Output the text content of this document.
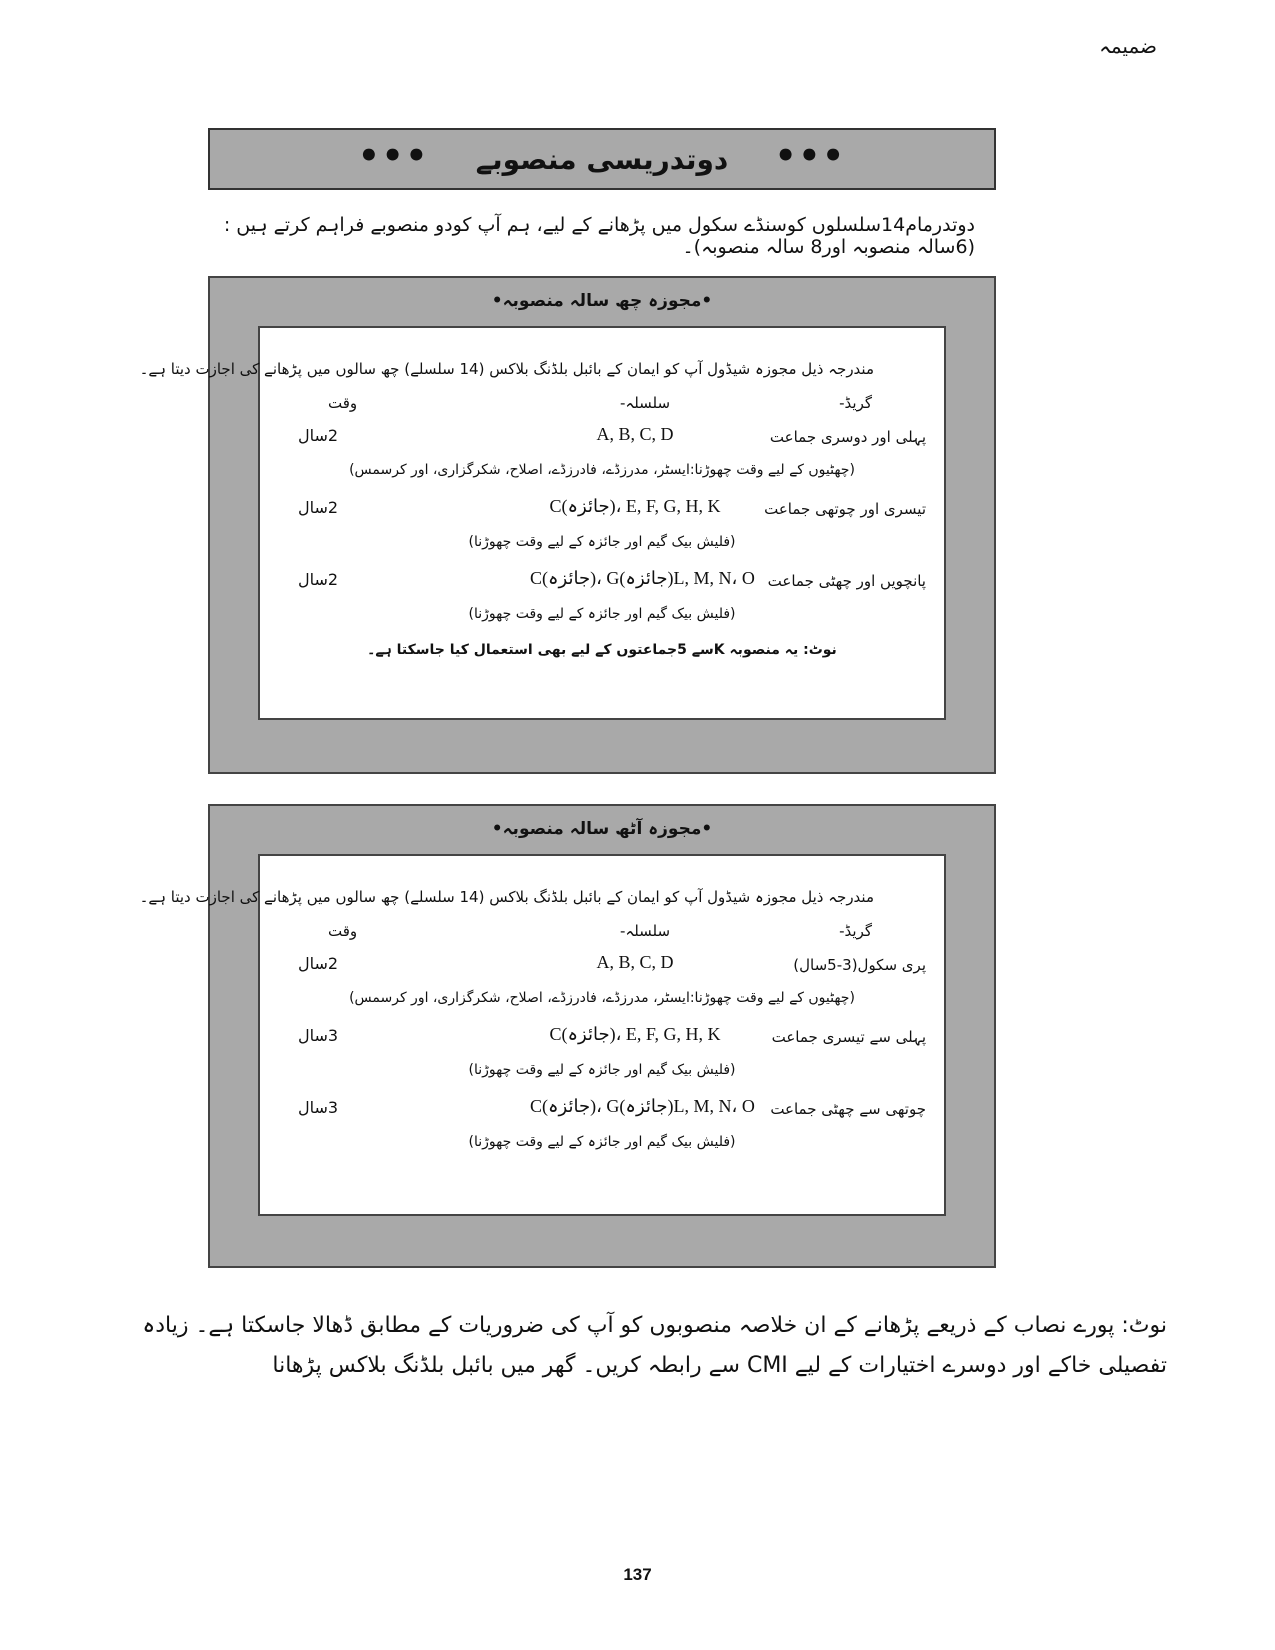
ضمیمہ
••• دوتدریسی منصوبے •••
دوتدرمام14سلسلوں کوسنڈے سکول میں پڑھانے کے لیے، ہم آپ کودو منصوبے فراہم کرتے ہیں :(6سالہ منصوبہ اور8 سالہ منصوبہ)۔
•مجوزہ چھ سالہ منصوبہ•
مندرجہ ذیل مجوزہ شیڈول آپ کو ایمان کے بائبل بلڈنگ بلاکس (14 سلسلے) چھ سالوں میں پڑھانے کی اجازت دیتا ہے۔
گریڈ-
سلسلہ-
وقت
پہلی اور دوسری جماعت
A, B, C, D
2سال
(چھٹیوں کے لیے وقت چھوڑنا:ایسٹر، مدرزڈے، فادرزڈے، اصلاح، شکرگزاری، اور کرسمس)
تیسری اور چوتھی جماعت
C(جائزہ)، E, F, G, H, K
2سال
(فلیش بیک گیم اور جائزہ کے لیے وقت چھوڑنا)
پانچویں اور چھٹی جماعت
C(جائزہ)، G(جائزہ)L, M, N، O
2سال
(فلیش بیک گیم اور جائزہ کے لیے وقت چھوڑنا)
نوٹ: یہ منصوبہ Kسے 5جماعتوں کے لیے بھی استعمال کیا جاسکتا ہے۔
•مجوزہ آٹھ سالہ منصوبہ•
مندرجہ ذیل مجوزہ شیڈول آپ کو ایمان کے بائبل بلڈنگ بلاکس (14 سلسلے) چھ سالوں میں پڑھانے کی اجازت دیتا ہے۔
گریڈ-
سلسلہ-
وقت
پری سکول(3-5سال)
A, B, C, D
2سال
(چھٹیوں کے لیے وقت چھوڑنا:ایسٹر، مدرزڈے، فادرزڈے، اصلاح، شکرگزاری، اور کرسمس)
پہلی سے تیسری جماعت
C(جائزہ)، E, F, G, H, K
3سال
(فلیش بیک گیم اور جائزہ کے لیے وقت چھوڑنا)
چوتھی سے چھٹی جماعت
C(جائزہ)، G(جائزہ)L, M, N، O
3سال
(فلیش بیک گیم اور جائزہ کے لیے وقت چھوڑنا)
نوٹ: پورے نصاب کے ذریعے پڑھانے کے ان خلاصہ منصوبوں کو آپ کی ضروریات کے مطابق ڈھالا جاسکتا ہے۔ زیادہ تفصیلی خاکے اور دوسرے اختیارات کے لیے CMI سے رابطہ کریں۔ گھر میں بائبل بلڈنگ بلاکس پڑھانا
137
